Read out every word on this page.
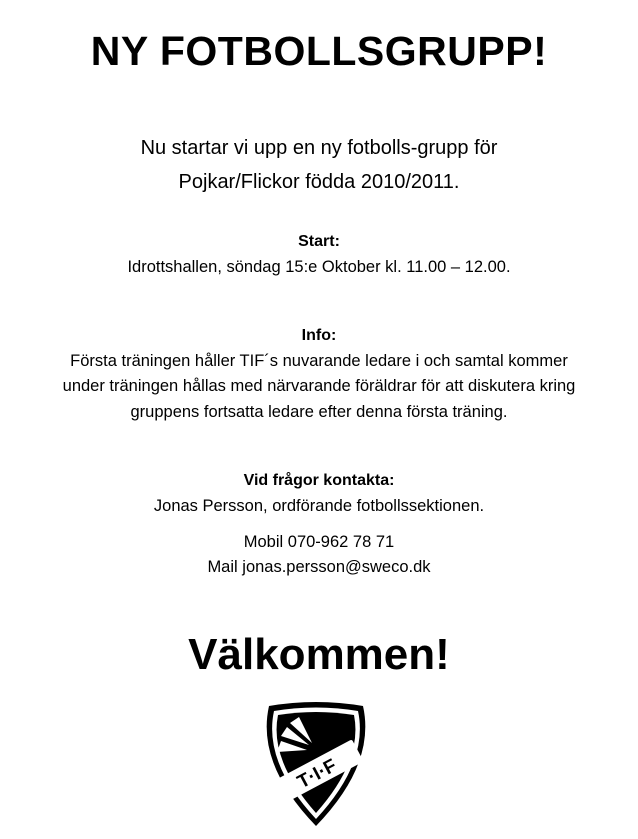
NY FOTBOLLSGRUPP!
Nu startar vi upp en ny fotbolls-grupp för
Pojkar/Flickor födda 2010/2011.
Start:
Idrottshallen, söndag 15:e Oktober kl. 11.00 – 12.00.
Info:
Första träningen håller TIF´s nuvarande ledare i och samtal kommer
under träningen hållas med närvarande föräldrar för att diskutera kring
gruppens fortsatta ledare efter denna första träning.
Vid frågor kontakta:
Jonas Persson, ordförande fotbollssektionen.
Mobil 070-962 78 71
Mail jonas.persson@sweco.dk
Välkommen!
T·I·F
